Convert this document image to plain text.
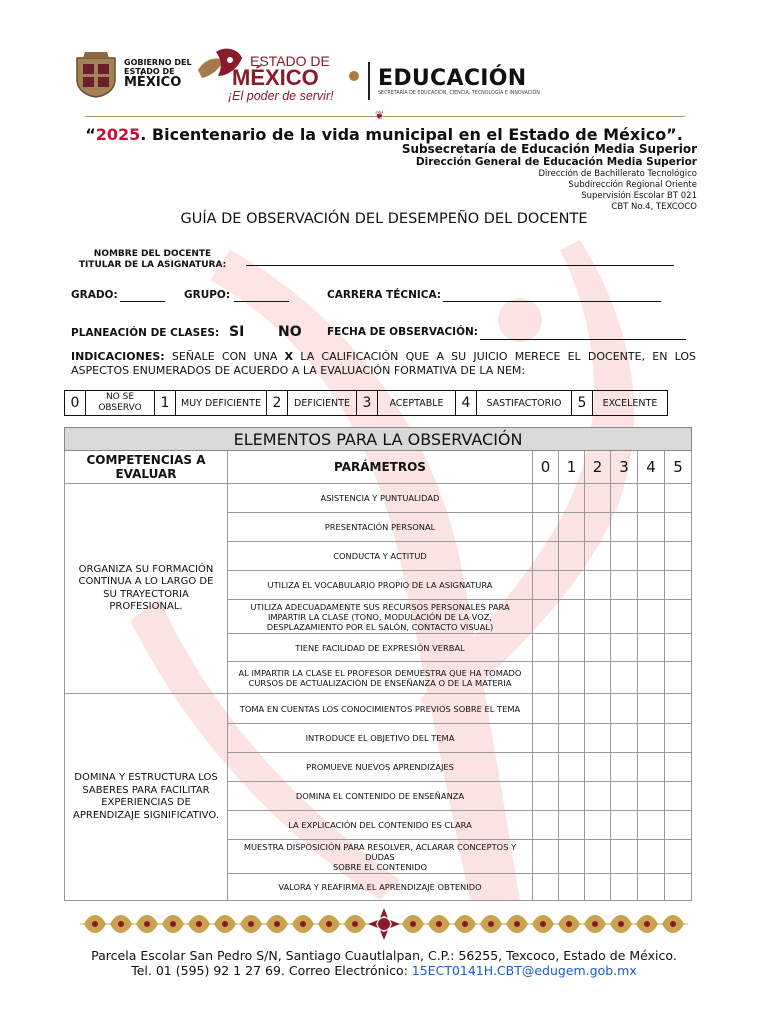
GOBIERNO DEL
ESTADO DE
MÉXICO
ESTADO DE
MÉXICO
¡El poder de servir!
EDUCACIÓN
SECRETARÍA DE EDUCACIÓN, CIENCIA, TECNOLOGÍA E INNOVACIÓN
❦
“2025. Bicentenario de la vida municipal en el Estado de México”.
Subsecretaría de Educación Media Superior
Dirección General de Educación Media Superior
Dirección de Bachillerato Tecnológico
Subdirección Regional Oriente
Supervisión Escolar BT 021
CBT No.4, TEXCOCO
GUÍA DE OBSERVACIÓN DEL DESEMPEÑO DEL DOCENTE
NOMBRE DEL DOCENTE
TITULAR DE LA ASIGNATURA:
GRADO:	GRUPO:	CARRERA TÉCNICA:
PLANEACIÓN DE CLASES: SI NO FECHA DE OBSERVACIÓN:
INDICACIONES: SEÑALE CON UNA X LA CALIFICACIÓN QUE A SU JUICIO MERECE EL DOCENTE, EN LOS ASPECTOS ENUMERADOS DE ACUERDO A LA EVALUACIÓN FORMATIVA DE LA NEM:
0	NO SE OBSERVO	1	MUY DEFICIENTE	2	DEFICIENTE	3	ACEPTABLE	4	SASTIFACTORIO	5	EXCELENTE
ELEMENTOS PARA LA OBSERVACIÓN							
COMPETENCIAS A EVALUAR	PARÁMETROS	0	1	2	3	4	5
ORGANIZA SU FORMACIÓN CONTINUA A LO LARGO DE SU TRAYECTORIA PROFESIONAL.	ASISTENCIA Y PUNTUALIDAD						
	PRESENTACIÓN PERSONAL						
	CONDUCTA Y ACTITUD						
	UTILIZA EL VOCABULARIO PROPIO DE LA ASIGNATURA						
	UTILIZA ADECUADAMENTE SUS RECURSOS PERSONALES PARA IMPARTIR LA CLASE (TONO, MODULACIÓN DE LA VOZ, DESPLAZAMIENTO POR EL SALÓN, CONTACTO VISUAL)						
	TIENE FACILIDAD DE EXPRESIÓN VERBAL						
	AL IMPARTIR LA CLASE EL PROFESOR DEMUESTRA QUE HA TOMADO CURSOS DE ACTUALIZACIÓN DE ENSEÑANZA O DE LA MATERIA						
DOMINA Y ESTRUCTURA LOS SABERES PARA FACILITAR EXPERIENCIAS DE APRENDIZAJE SIGNIFICATIVO.	TOMA EN CUENTAS LOS CONOCIMIENTOS PREVIOS SOBRE EL TEMA						
	INTRODUCE EL OBJETIVO DEL TEMA						
	PROMUEVE NUEVOS APRENDIZAJES						
	DOMINA EL CONTENIDO DE ENSEÑANZA						
	LA EXPLICACIÓN DEL CONTENIDO ES CLARA						
	MUESTRA DISPOSICIÓN PARA RESOLVER, ACLARAR CONCEPTOS Y DUDAS
SOBRE EL CONTENIDO						
	VALORA Y REAFIRMA EL APRENDIZAJE OBTENIDO						
Parcela Escolar San Pedro S/N, Santiago Cuautlalpan, C.P.: 56255, Texcoco, Estado de México.
Tel. 01 (595) 92 1 27 69. Correo Electrónico: 15ECT0141H.CBT@edugem.gob.mx
